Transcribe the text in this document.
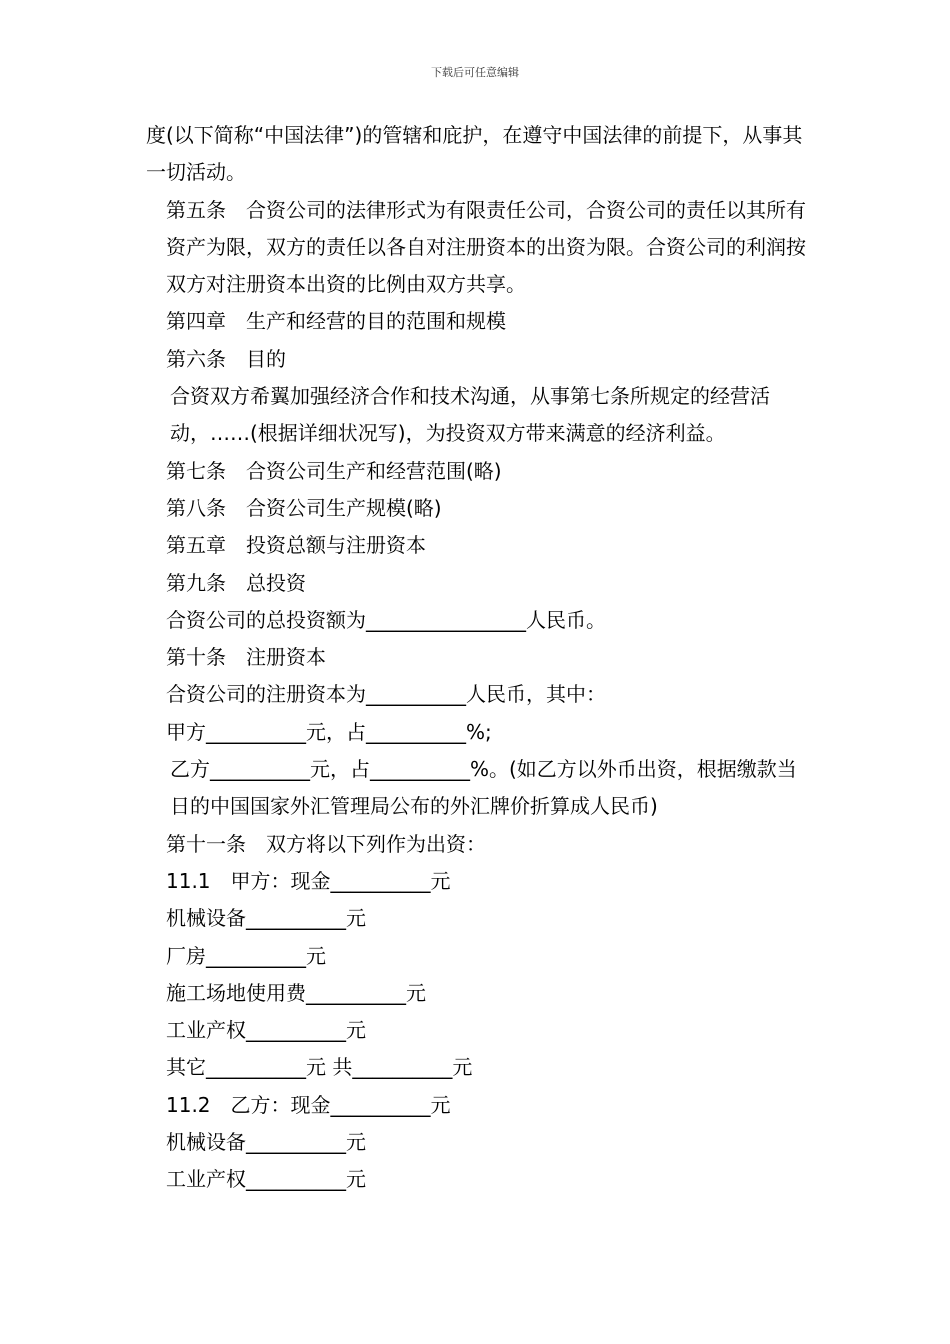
下载后可任意编辑

度(以下简称“中国法律”)的管辖和庇护，在遵守中国法律的前提下，从事其一切活动。

第五条　合资公司的法律形式为有限责任公司，合资公司的责任以其所有资产为限，双方的责任以各自对注册资本的出资为限。合资公司的利润按双方对注册资本出资的比例由双方共享。

第四章　生产和经营的目的范围和规模

第六条　目的

合资双方希翼加强经济合作和技术沟通，从事第七条所规定的经营活动，……(根据详细状况写)，为投资双方带来满意的经济利益。

第七条　合资公司生产和经营范围(略)

第八条　合资公司生产规模(略)

第五章　投资总额与注册资本

第九条　总投资

合资公司的总投资额为________________人民币。

第十条　注册资本

合资公司的注册资本为__________人民币，其中：

甲方__________元，占__________%;

乙方__________元，占__________%。(如乙方以外币出资，根据缴款当日的中国国家外汇管理局公布的外汇牌价折算成人民币)

第十一条　双方将以下列作为出资：

11.1　甲方：现金__________元

机械设备__________元

厂房__________元

施工场地使用费__________元

工业产权__________元

其它__________元 共__________元

11.2　乙方：现金__________元

机械设备__________元

工业产权__________元
